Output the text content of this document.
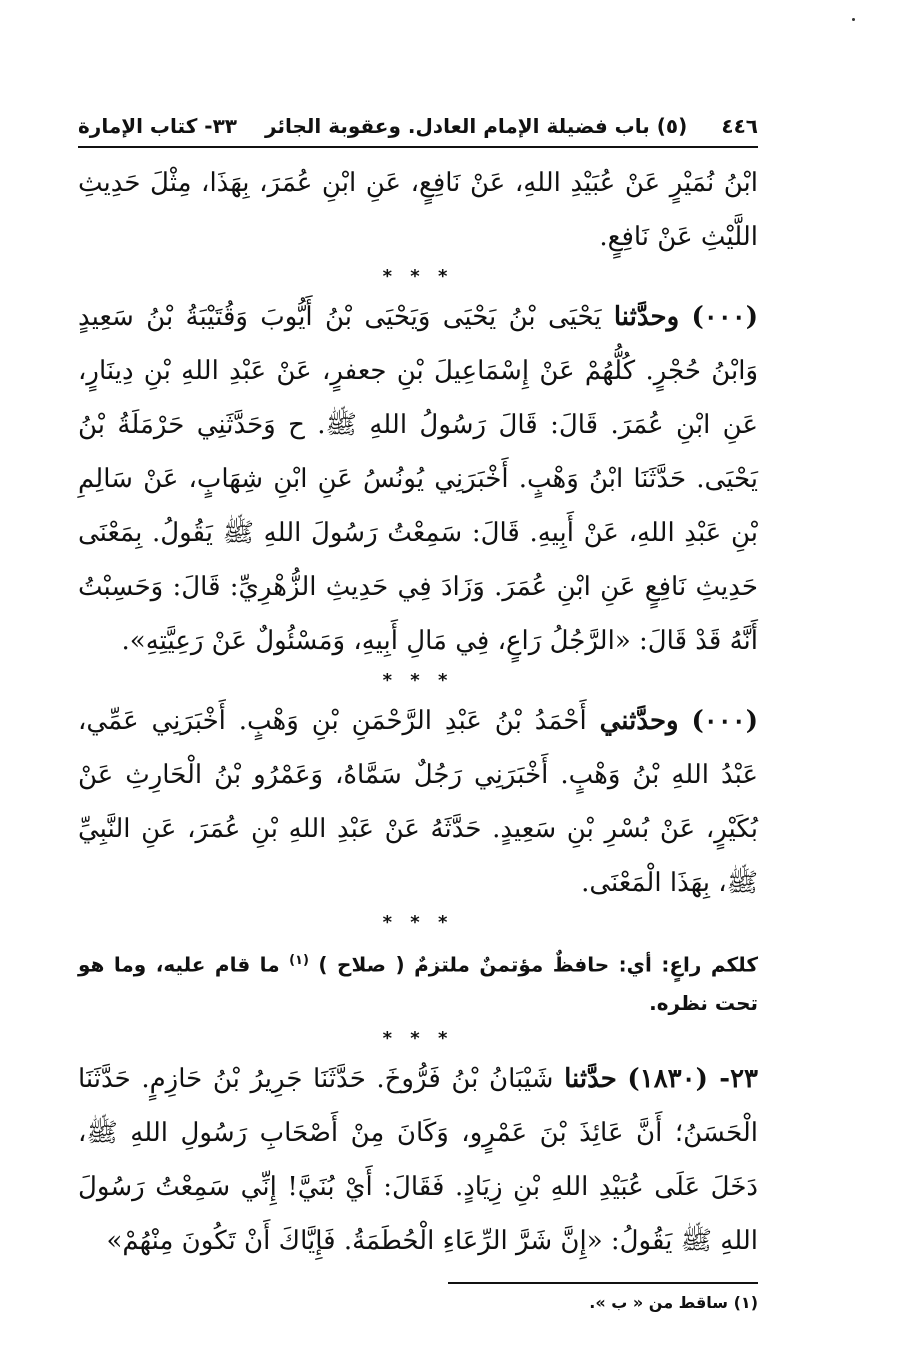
٤٤٦
(٥) باب فضيلة الإمام العادل. وعقوبة الجائر
٣٣- كتاب الإمارة

ابْنُ نُمَيْرٍ عَنْ عُبَيْدِ اللهِ، عَنْ نَافِعٍ، عَنِ ابْنِ عُمَرَ، بِهَذَا، مِثْلَ حَدِيثِ اللَّيْثِ عَنْ نَافِعٍ.

* * *

(٠٠٠) وحدَّثنا يَحْيَى بْنُ يَحْيَى وَيَحْيَى بْنُ أَيُّوبَ وَقُتَيْبَةُ بْنُ سَعِيدٍ وَابْنُ حُجْرٍ. كُلُّهُمْ عَنْ إِسْمَاعِيلَ بْنِ جعفرٍ، عَنْ عَبْدِ اللهِ بْنِ دِينَارٍ، عَنِ ابْنِ عُمَرَ. قَالَ: قَالَ رَسُولُ اللهِ ﷺ. ح وَحَدَّثَنِي حَرْمَلَةُ بْنُ يَحْيَى. حَدَّثَنَا ابْنُ وَهْبٍ. أَخْبَرَنِي يُونُسُ عَنِ ابْنِ شِهَابٍ، عَنْ سَالِمِ بْنِ عَبْدِ اللهِ، عَنْ أَبِيهِ. قَالَ: سَمِعْتُ رَسُولَ اللهِ ﷺ يَقُولُ. بِمَعْنَى حَدِيثِ نَافِعٍ عَنِ ابْنِ عُمَرَ. وَزَادَ فِي حَدِيثِ الزُّهْرِيِّ: قَالَ: وَحَسِبْتُ أَنَّهُ قَدْ قَالَ: «الرَّجُلُ رَاعٍ، فِي مَالِ أَبِيهِ، وَمَسْئُولٌ عَنْ رَعِيَّتِهِ».

* * *

(٠٠٠) وحدَّثني أَحْمَدُ بْنُ عَبْدِ الرَّحْمَنِ بْنِ وَهْبٍ. أَخْبَرَنِي عَمِّي، عَبْدُ اللهِ بْنُ وَهْبٍ. أَخْبَرَنِي رَجُلٌ سَمَّاهُ، وَعَمْرُو بْنُ الْحَارِثِ عَنْ بُكَيْرٍ، عَنْ بُسْرِ بْنِ سَعِيدٍ. حَدَّثَهُ عَنْ عَبْدِ اللهِ بْنِ عُمَرَ، عَنِ النَّبِيِّ ﷺ، بِهَذَا الْمَعْنَى.

* * *

كلكم راعٍ: أي: حافظٌ مؤتمنٌ ملتزمٌ ( صلاح ) $^{(١)}$ ما قام عليه، وما هو تحت نظره.

* * *

٢٣- (١٨٣٠) حدَّثنا شَيْبَانُ بْنُ فَرُّوخَ. حَدَّثَنَا جَرِيرُ بْنُ حَازِمٍ. حَدَّثَنَا الْحَسَنُ؛ أَنَّ عَائِذَ بْنَ عَمْرٍو، وَكَانَ مِنْ أَصْحَابِ رَسُولِ اللهِ ﷺ، دَخَلَ عَلَى عُبَيْدِ اللهِ بْنِ زِيَادٍ. فَقَالَ: أَيْ بُنَيَّ! إِنِّي سَمِعْتُ رَسُولَ اللهِ ﷺ يَقُولُ: «إِنَّ شَرَّ الرِّعَاءِ الْحُطَمَةُ. فَإِيَّاكَ أَنْ تَكُونَ مِنْهُمْ»

(١) ساقط من « ب ».
